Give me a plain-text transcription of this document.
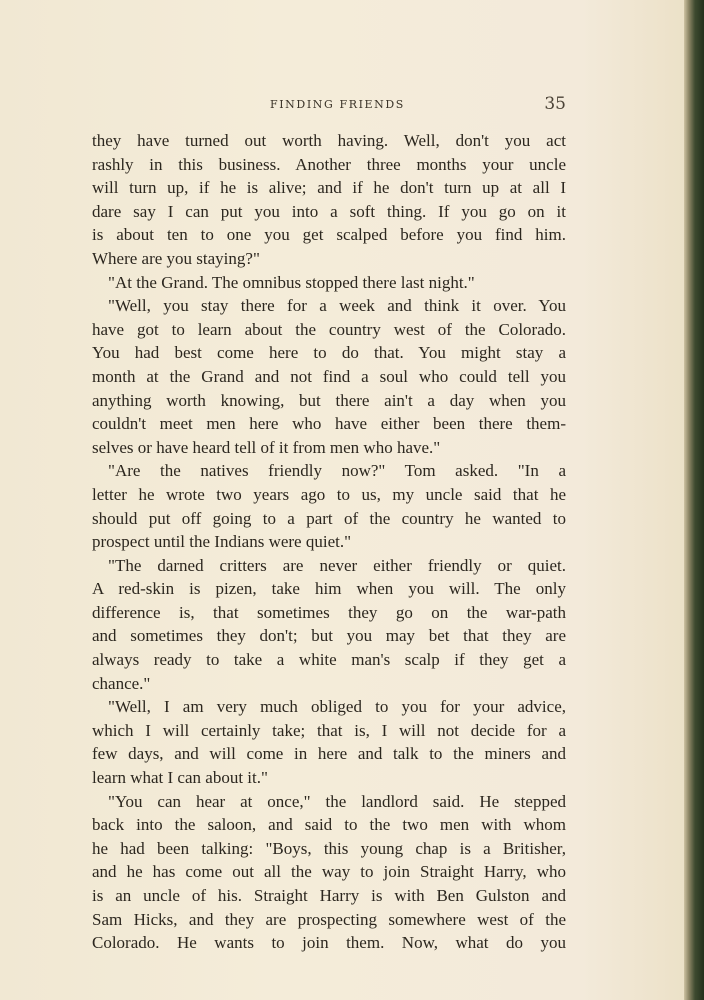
FINDING FRIENDS	35
they have turned out worth having. Well, don't you act
rashly in this business. Another three months your uncle
will turn up, if he is alive; and if he don't turn up at all I
dare say I can put you into a soft thing. If you go on it
is about ten to one you get scalped before you find him.
Where are you staying?"
"At the Grand. The omnibus stopped there last night."
"Well, you stay there for a week and think it over. You
have got to learn about the country west of the Colorado.
You had best come here to do that. You might stay a
month at the Grand and not find a soul who could tell you
anything worth knowing, but there ain't a day when you
couldn't meet men here who have either been there them-
selves or have heard tell of it from men who have."
"Are the natives friendly now?" Tom asked. "In a
letter he wrote two years ago to us, my uncle said that he
should put off going to a part of the country he wanted to
prospect until the Indians were quiet."
"The darned critters are never either friendly or quiet.
A red-skin is pizen, take him when you will. The only
difference is, that sometimes they go on the war-path
and sometimes they don't; but you may bet that they are
always ready to take a white man's scalp if they get a
chance."
"Well, I am very much obliged to you for your advice,
which I will certainly take; that is, I will not decide for a
few days, and will come in here and talk to the miners and
learn what I can about it."
"You can hear at once," the landlord said. He stepped
back into the saloon, and said to the two men with whom
he had been talking: "Boys, this young chap is a Britisher,
and he has come out all the way to join Straight Harry, who
is an uncle of his. Straight Harry is with Ben Gulston and
Sam Hicks, and they are prospecting somewhere west of the
Colorado. He wants to join them. Now, what do you
